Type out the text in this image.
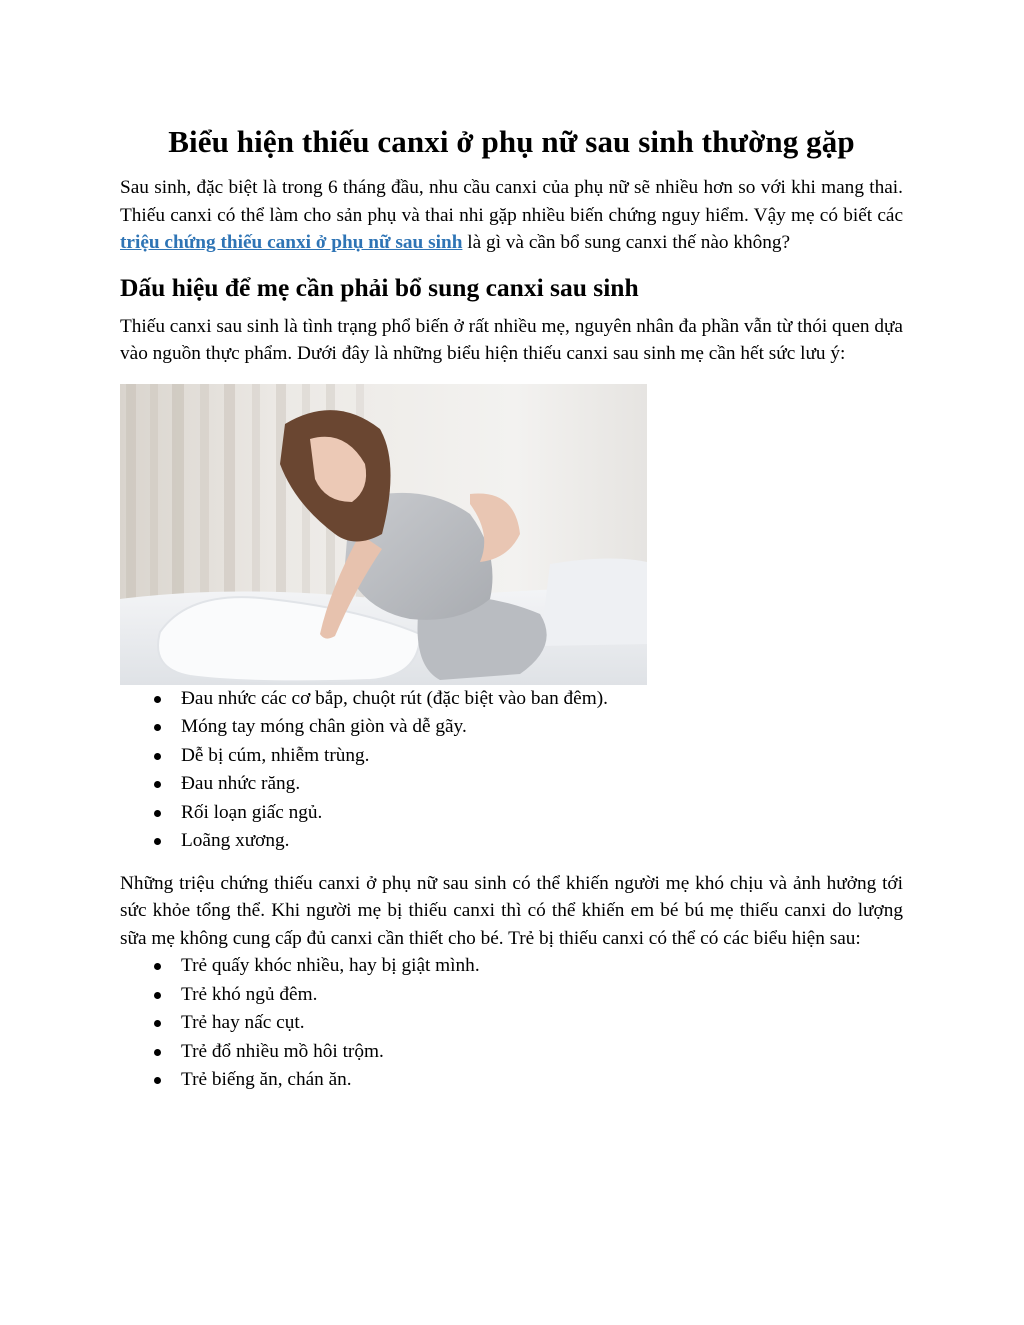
Biểu hiện thiếu canxi ở phụ nữ sau sinh thường gặp

Sau sinh, đặc biệt là trong 6 tháng đầu, nhu cầu canxi của phụ nữ sẽ nhiều hơn so với khi mang thai. Thiếu canxi có thể làm cho sản phụ và thai nhi gặp nhiều biến chứng nguy hiểm. Vậy mẹ có biết các triệu chứng thiếu canxi ở phụ nữ sau sinh là gì và cần bổ sung canxi thế nào không?

Dấu hiệu để mẹ cần phải bổ sung canxi sau sinh

Thiếu canxi sau sinh là tình trạng phổ biến ở rất nhiều mẹ, nguyên nhân đa phần vẫn từ thói quen dựa vào nguồn thực phẩm. Dưới đây là những biểu hiện thiếu canxi sau sinh mẹ cần hết sức lưu ý:

Đau nhức các cơ bắp, chuột rút (đặc biệt vào ban đêm).
Móng tay móng chân giòn và dễ gãy.
Dễ bị cúm, nhiễm trùng.
Đau nhức răng.
Rối loạn giấc ngủ.
Loãng xương.

Những triệu chứng thiếu canxi ở phụ nữ sau sinh có thể khiến người mẹ khó chịu và ảnh hưởng tới sức khỏe tổng thể. Khi người mẹ bị thiếu canxi thì có thể khiến em bé bú mẹ thiếu canxi do lượng sữa mẹ không cung cấp đủ canxi cần thiết cho bé. Trẻ bị thiếu canxi có thể có các biểu hiện sau:

Trẻ quấy khóc nhiều, hay bị giật mình.
Trẻ khó ngủ đêm.
Trẻ hay nấc cụt.
Trẻ đổ nhiều mồ hôi trộm.
Trẻ biếng ăn, chán ăn.
